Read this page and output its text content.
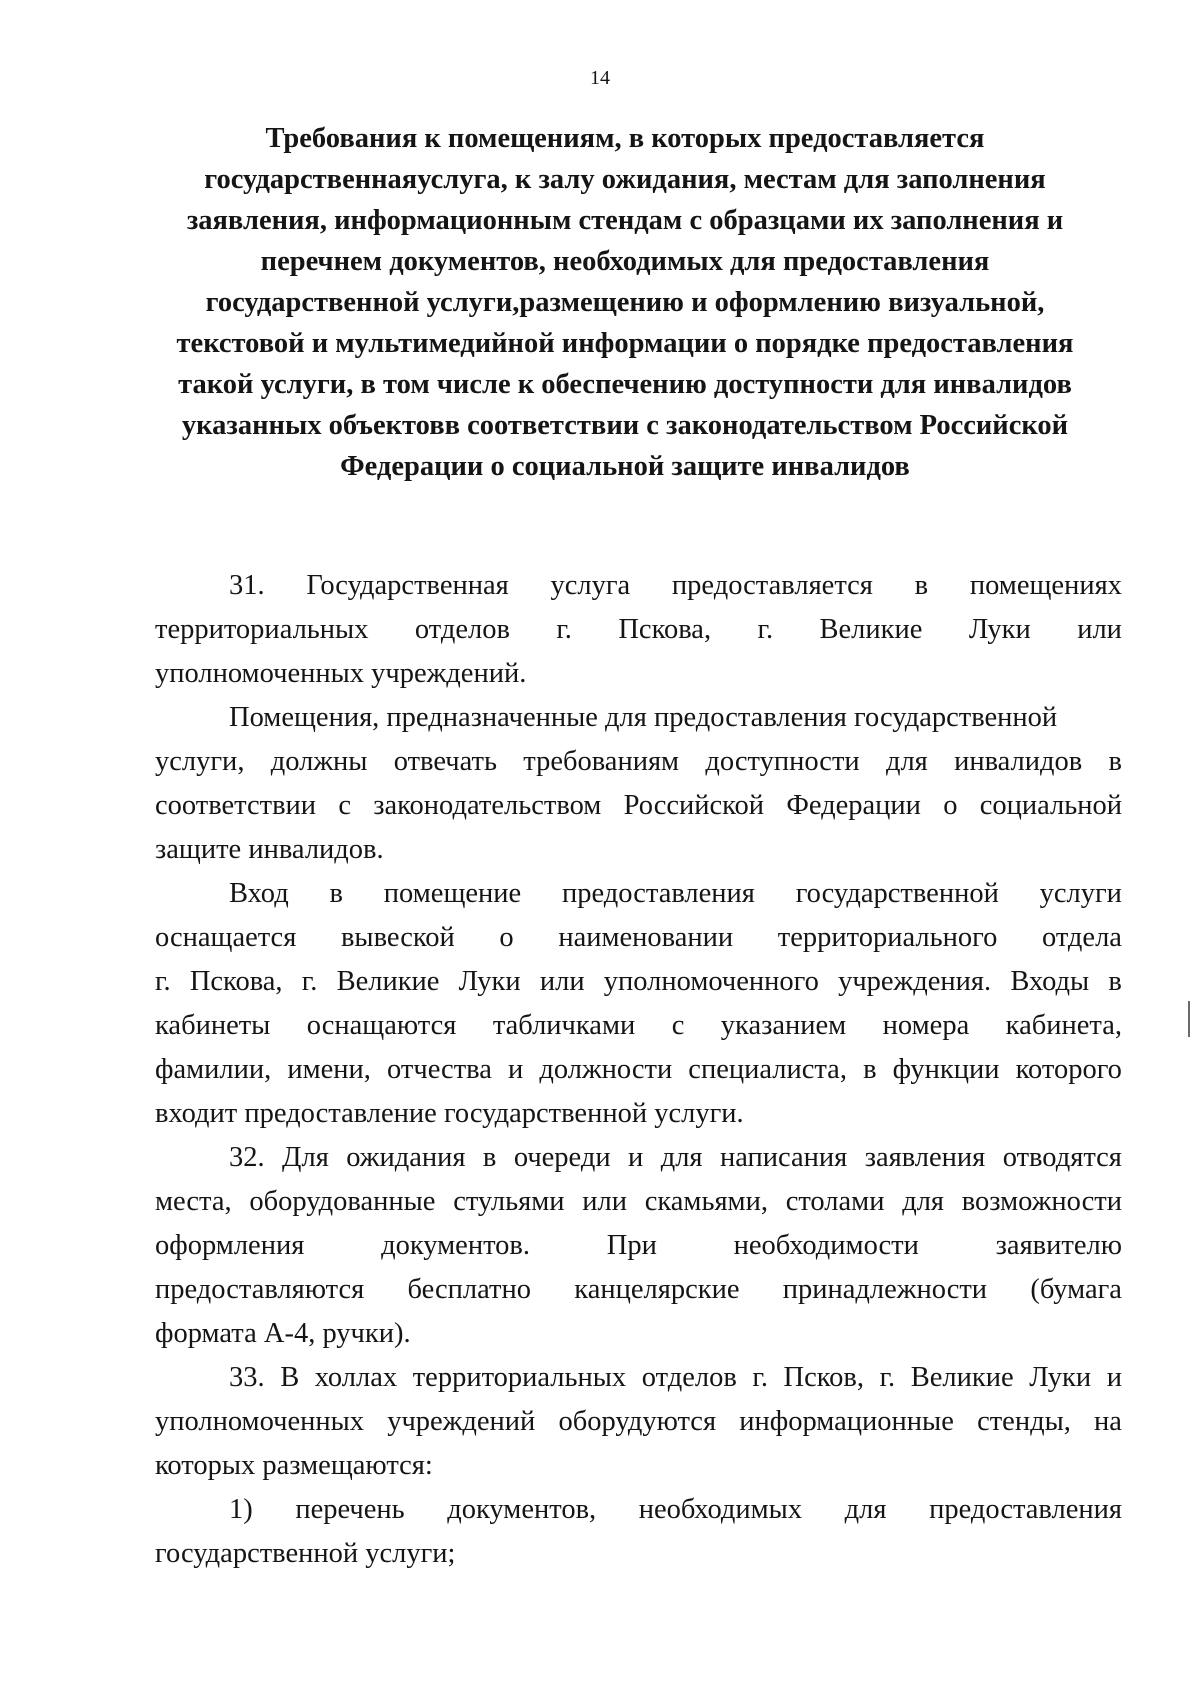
14
Требования к помещениям, в которых предоставляется
государственнаяуслуга, к залу ожидания, местам для заполнения
заявления, информационным стендам с образцами их заполнения и
перечнем документов, необходимых для предоставления
государственной услуги,размещению и оформлению визуальной,
текстовой и мультимедийной информации о порядке предоставления
такой услуги, в том числе к обеспечению доступности для инвалидов
указанных объектовв соответствии с законодательством Российской
Федерации о социальной защите инвалидов
31. Государственная услуга предоставляется в помещениях
территориальных отделов г. Пскова, г. Великие Луки или
уполномоченных учреждений.
Помещения, предназначенные для предоставления государственной
услуги, должны отвечать требованиям доступности для инвалидов в
соответствии с законодательством Российской Федерации о социальной
защите инвалидов.
Вход в помещение предоставления государственной услуги
оснащается вывеской о наименовании территориального отдела
г. Пскова, г. Великие Луки или уполномоченного учреждения. Входы в
кабинеты оснащаются табличками с указанием номера кабинета,
фамилии, имени, отчества и должности специалиста, в функции которого
входит предоставление государственной услуги.
32. Для ожидания в очереди и для написания заявления отводятся
места, оборудованные стульями или скамьями, столами для возможности
оформления	документов.	При	необходимости	заявителю
предоставляются бесплатно канцелярские принадлежности (бумага
формата А-4, ручки).
33. В холлах территориальных отделов г. Псков, г. Великие Луки и
уполномоченных учреждений оборудуются информационные стенды, на
которых размещаются:
1) перечень документов, необходимых для предоставления
государственной услуги;
